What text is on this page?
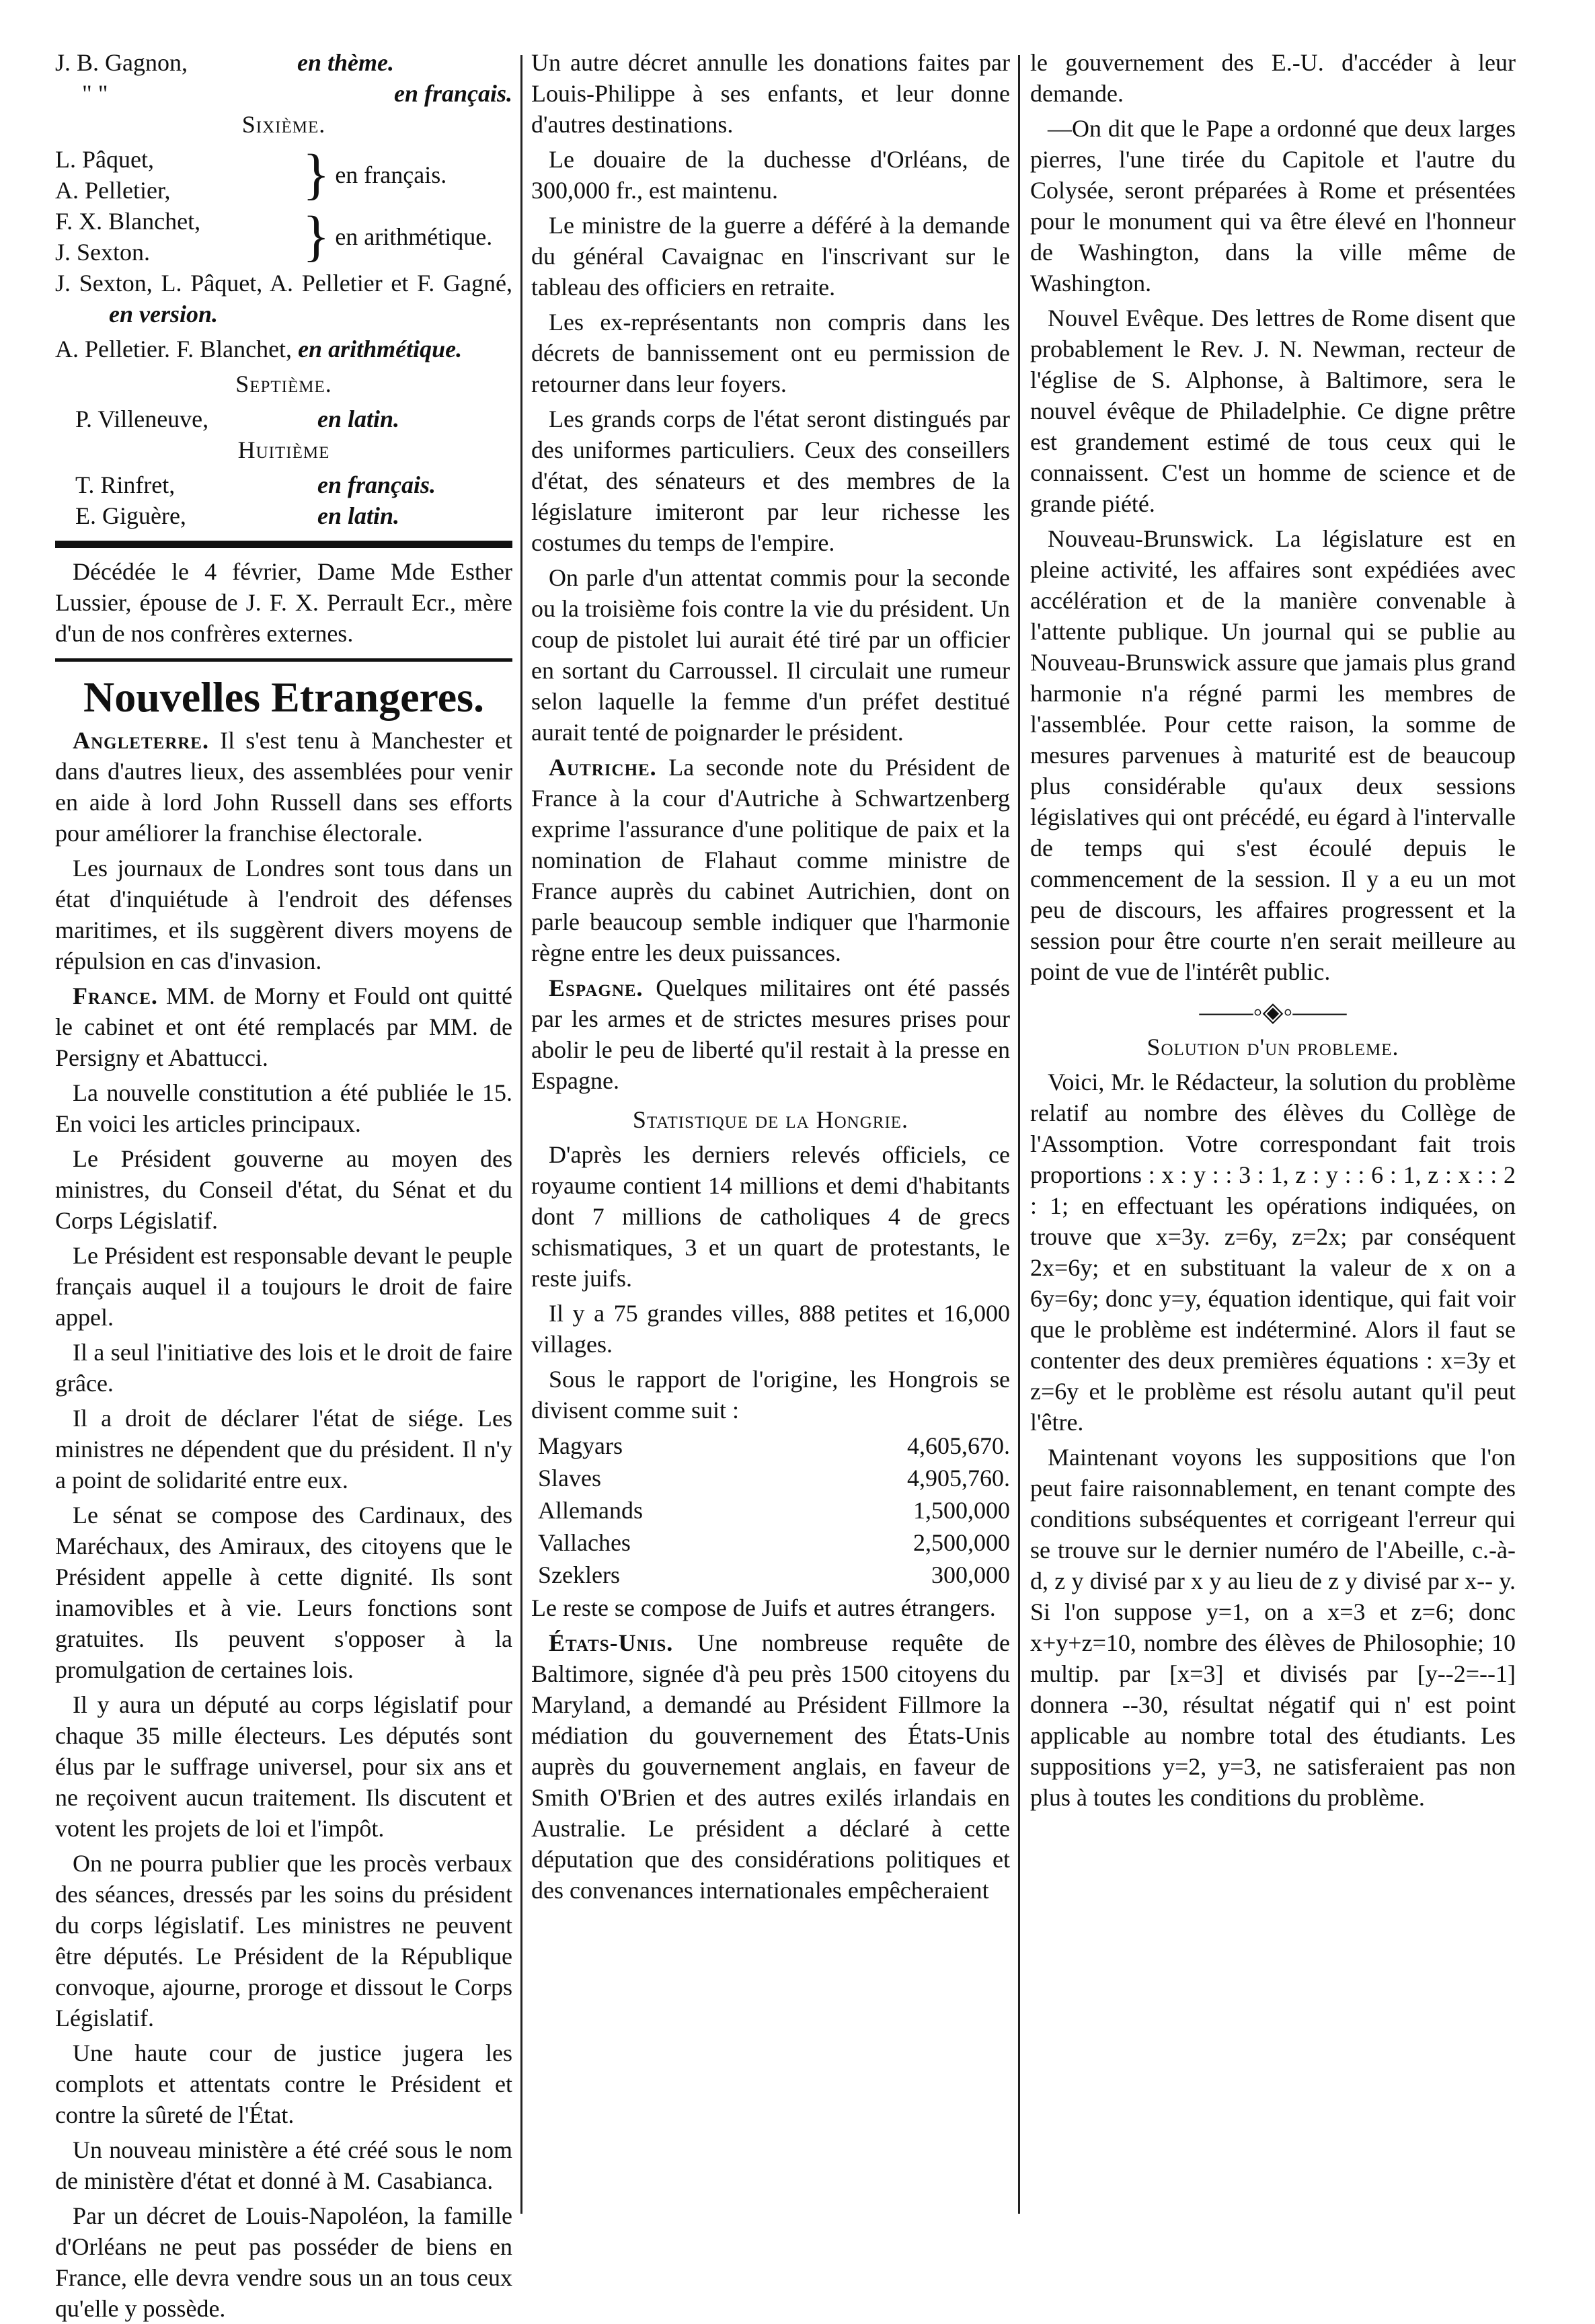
J. B. Gagnon,	en thème.
" "	en français.

Sixième.

L. Pâquet,
A. Pelletier,	} en français.
F. X. Blanchet,
J. Sexton.	} en arithmétique.

J. Sexton, L. Pâquet, A. Pelletier et F. Gagné, en version.

A. Pelletier. F. Blanchet, en arithmétique.

Septième.

P. Villeneuve,	en latin.

Huitième

T. Rinfret,	en français.
E. Giguère,	en latin.

Décédée le 4 février, Dame Mde Esther Lussier, épouse de J. F. X. Perrault Ecr., mère d'un de nos confrères externes.

Nouvelles Etrangeres.

Angleterre. Il s'est tenu à Manchester et dans d'autres lieux, des assemblées pour venir en aide à lord John Russell dans ses efforts pour améliorer la franchise électorale.

Les journaux de Londres sont tous dans un état d'inquiétude à l'endroit des défenses maritimes, et ils suggèrent divers moyens de répulsion en cas d'invasion.

France. MM. de Morny et Fould ont quitté le cabinet et ont été remplacés par MM. de Persigny et Abattucci.

La nouvelle constitution a été publiée le 15. En voici les articles principaux.

Le Président gouverne au moyen des ministres, du Conseil d'état, du Sénat et du Corps Législatif.

Le Président est responsable devant le peuple français auquel il a toujours le droit de faire appel.

Il a seul l'initiative des lois et le droit de faire grâce.

Il a droit de déclarer l'état de siége. Les ministres ne dépendent que du président. Il n'y a point de solidarité entre eux.

Le sénat se compose des Cardinaux, des Maréchaux, des Amiraux, des citoyens que le Président appelle à cette dignité. Ils sont inamovibles et à vie. Leurs fonctions sont gratuites. Ils peuvent s'opposer à la promulgation de certaines lois.

Il y aura un député au corps législatif pour chaque 35 mille électeurs. Les députés sont élus par le suffrage universel, pour six ans et ne reçoivent aucun traitement. Ils discutent et votent les projets de loi et l'impôt.

On ne pourra publier que les procès verbaux des séances, dressés par les soins du président du corps législatif. Les ministres ne peuvent être députés. Le Président de la République convoque, ajourne, proroge et dissout le Corps Législatif.

Une haute cour de justice jugera les complots et attentats contre le Président et contre la sûreté de l'État.

Un nouveau ministère a été créé sous le nom de ministère d'état et donné à M. Casabianca.

Par un décret de Louis-Napoléon, la famille d'Orléans ne peut pas posséder de biens en France, elle devra vendre sous un an tous ceux qu'elle y possède.

Un autre décret annulle les donations faites par Louis-Philippe à ses enfants, et leur donne d'autres destinations.

Le douaire de la duchesse d'Orléans, de 300,000 fr., est maintenu.

Le ministre de la guerre a déféré à la demande du général Cavaignac en l'inscrivant sur le tableau des officiers en retraite.

Les ex-représentants non compris dans les décrets de bannissement ont eu permission de retourner dans leur foyers.

Les grands corps de l'état seront distingués par des uniformes particuliers. Ceux des conseillers d'état, des sénateurs et des membres de la législature imiteront par leur richesse les costumes du temps de l'empire.

On parle d'un attentat commis pour la seconde ou la troisième fois contre la vie du président. Un coup de pistolet lui aurait été tiré par un officier en sortant du Carroussel. Il circulait une rumeur selon laquelle la femme d'un préfet destitué aurait tenté de poignarder le président.

Autriche. La seconde note du Président de France à la cour d'Autriche à Schwartzenberg exprime l'assurance d'une politique de paix et la nomination de Flahaut comme ministre de France auprès du cabinet Autrichien, dont on parle beaucoup semble indiquer que l'harmonie règne entre les deux puissances.

Espagne. Quelques militaires ont été passés par les armes et de strictes mesures prises pour abolir le peu de liberté qu'il restait à la presse en Espagne.

Statistique de la Hongrie.

D'après les derniers relevés officiels, ce royaume contient 14 millions et demi d'habitants dont 7 millions de catholiques 4 de grecs schismatiques, 3 et un quart de protestants, le reste juifs.

Il y a 75 grandes villes, 888 petites et 16,000 villages.

Sous le rapport de l'origine, les Hongrois se divisent comme suit :

Magyars	4,605,670.
Slaves	4,905,760.
Allemands	1,500,000
Vallaches	2,500,000
Szeklers	300,000

Le reste se compose de Juifs et autres étrangers.

États-Unis. Une nombreuse requête de Baltimore, signée d'à peu près 1500 citoyens du Maryland, a demandé au Président Fillmore la médiation du gouvernement des États-Unis auprès du gouvernement anglais, en faveur de Smith O'Brien et des autres exilés irlandais en Australie. Le président a déclaré à cette députation que des considérations politiques et des convenances internationales empêcheraient

le gouvernement des E.-U. d'accéder à leur demande.

—On dit que le Pape a ordonné que deux larges pierres, l'une tirée du Capitole et l'autre du Colysée, seront préparées à Rome et présentées pour le monument qui va être élevé en l'honneur de Washington, dans la ville même de Washington.

Nouvel Evêque. Des lettres de Rome disent que probablement le Rev. J. N. Newman, recteur de l'église de S. Alphonse, à Baltimore, sera le nouvel évêque de Philadelphie. Ce digne prêtre est grandement estimé de tous ceux qui le connaissent. C'est un homme de science et de grande piété.

Nouveau-Brunswick. La législature est en pleine activité, les affaires sont expédiées avec accélération et de la manière convenable à l'attente publique. Un journal qui se publie au Nouveau-Brunswick assure que jamais plus grand harmonie n'a régné parmi les membres de l'assemblée. Pour cette raison, la somme de mesures parvenues à maturité est de beaucoup plus considérable qu'aux deux sessions législatives qui ont précédé, eu égard à l'intervalle de temps qui s'est écoulé depuis le commencement de la session. Il y a eu un mot peu de discours, les affaires progressent et la session pour être courte n'en serait meilleure au point de vue de l'intérêt public.

——◦◈◦——

Solution d'un probleme.

Voici, Mr. le Rédacteur, la solution du problème relatif au nombre des élèves du Collège de l'Assomption. Votre correspondant fait trois proportions : x : y : : 3 : 1, z : y : : 6 : 1, z : x : : 2 : 1; en effectuant les opérations indiquées, on trouve que x=3y. z=6y, z=2x; par conséquent 2x=6y; et en substituant la valeur de x on a 6y=6y; donc y=y, équation identique, qui fait voir que le problème est indéterminé. Alors il faut se contenter des deux premières équations : x=3y et z=6y et le problème est résolu autant qu'il peut l'être.

Maintenant voyons les suppositions que l'on peut faire raisonnablement, en tenant compte des conditions subséquentes et corrigeant l'erreur qui se trouve sur le dernier numéro de l'Abeille, c.-à-d, z y divisé par x y au lieu de z y divisé par x-- y. Si l'on suppose y=1, on a x=3 et z=6; donc x+y+z=10, nombre des élèves de Philosophie; 10 multip. par [x=3] et divisés par [y--2=--1] donnera --30, résultat négatif qui n' est point applicable au nombre total des étudiants. Les suppositions y=2, y=3, ne satisferaient pas non plus à toutes les conditions du problème.
